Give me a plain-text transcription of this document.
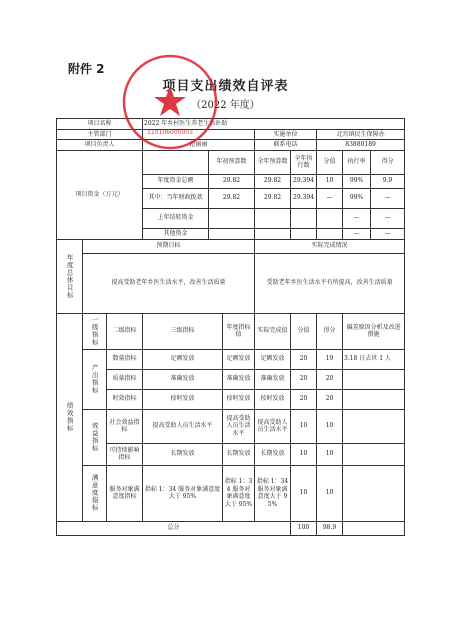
附件 2
项目支出绩效自评表
（2022 年度）
项目名称			2022 年乡村医生养老生活补助							
主管部门						实施单位		北宫镇民生保障办		
项目负责人			范丽丽			联系电话		83880189		
项目资金（万元）				年初预算数		全年预算数	全年执行数	分值	执行率	得分
			年度资金总额	29.82		29.82	29.394	10	99%	9.9
			其中：当年财政拨款	29.82		29.82	29.394	—	99%	—
			上年结转资金						—	—
			其他资金						—	—
年度总体目标	预期目标					实际完成情况				
	提高受助老年乡医生活水平，改善生活质量					受助老年乡医生活水平有所提高，改善生活质量				
绩效指标	一级指标	二级指标	三级指标		年度指标值	实际完成值	分值	得分	偏差原因分析及改进措施	
	产出指标	数量指标	足额发放		足额发放	足额发放	20	19	3.18 日去世 1 人	
		质量指标	准确发放		准确发放	准确发放	20	20		
		时效指标	按时发放		按时发放	按时发放	20	20		
	效益指标	社会效益指标	提高受助人员生活水平		提高受助人员生活水平	提高受助人员生活水平	10	10		
		可持续影响指标	长期发放		长期发放	长期发放	10	10		
	满意度指标	服务对象满意度指标	指标 1：34 服务对象满意度大于 95%		指标 1：34 服务对象满意度大于 95%	指标 1：34 服务对象满意度大于 95%	10	10		
总分							100	98.9		
110106000003
